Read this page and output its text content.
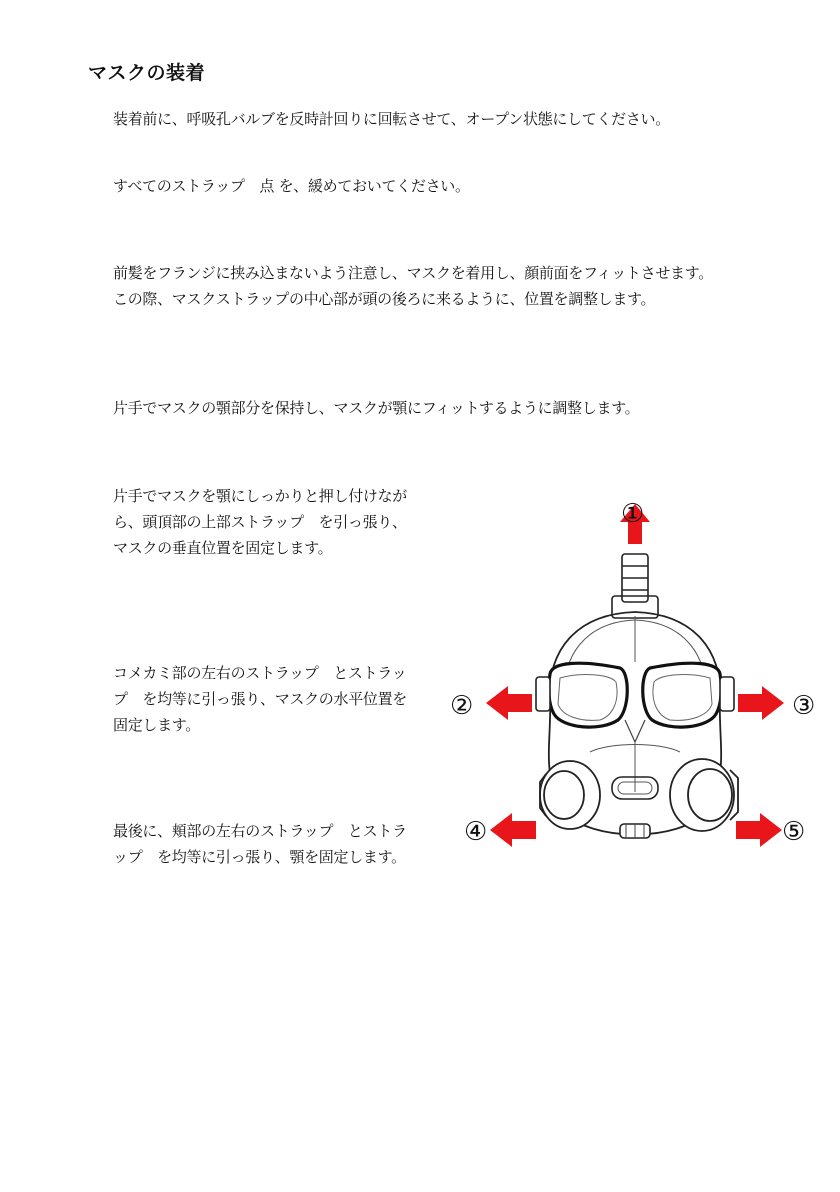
マスクの装着

装着前に、呼吸孔バルブを反時計回りに回転させて、オープン状態にしてください。

すべてのストラップ　点 を、緩めておいてください。

前髪をフランジに挟み込まないよう注意し、マスクを着用し、顔前面をフィットさせます。この際、マスクストラップの中心部が頭の後ろに来るように、位置を調整します。

片手でマスクの顎部分を保持し、マスクが顎にフィットするように調整します。

片手でマスクを顎にしっかりと押し付けながら、頭頂部の上部ストラップ　を引っ張り、マスクの垂直位置を固定します。

コメカミ部の左右のストラップ　とストラップ　を均等に引っ張り、マスクの水平位置を固定します。

最後に、頬部の左右のストラップ　とストラップ　を均等に引っ張り、顎を固定します。

①
②	③
④	⑤
